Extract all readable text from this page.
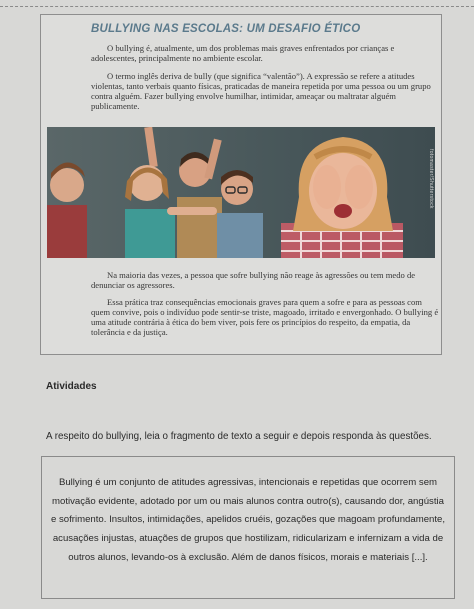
BULLYING NAS ESCOLAS: UM DESAFIO ÉTICO

O bullying é, atualmente, um dos problemas mais graves enfrentados por crianças e adolescentes, principalmente no ambiente escolar.

O termo inglês deriva de bully (que significa “valentão”). A expressão se refere a atitudes violentas, tanto verbais quanto físicas, praticadas de maneira repetida por uma pessoa ou um grupo contra alguém. Fazer bullying envolve humilhar, intimidar, ameaçar ou maltratar alguém publicamente.

fotomaster/Shutterstock

Na maioria das vezes, a pessoa que sofre bullying não reage às agressões ou tem medo de denunciar os agressores.

Essa prática traz consequências emocionais graves para quem a sofre e para as pessoas com quem convive, pois o indivíduo pode sentir-se triste, magoado, irritado e envergonhado. O bullying é uma atitude contrária à ética do bem viver, pois fere os princípios do respeito, da empatia, da tolerância e da justiça.

Atividades

A respeito do bullying, leia o fragmento de texto a seguir e depois responda às questões.

Bullying é um conjunto de atitudes agressivas, intencionais e repetidas que ocorrem sem motivação evidente, adotado por um ou mais alunos contra outro(s), causando dor, angústia e sofrimento. Insultos, intimidações, apelidos cruéis, gozações que magoam profundamente, acusações injustas, atuações de grupos que hostilizam, ridicularizam e infernizam a vida de outros alunos, levando-os à exclusão. Além de danos físicos, morais e materiais [...].
